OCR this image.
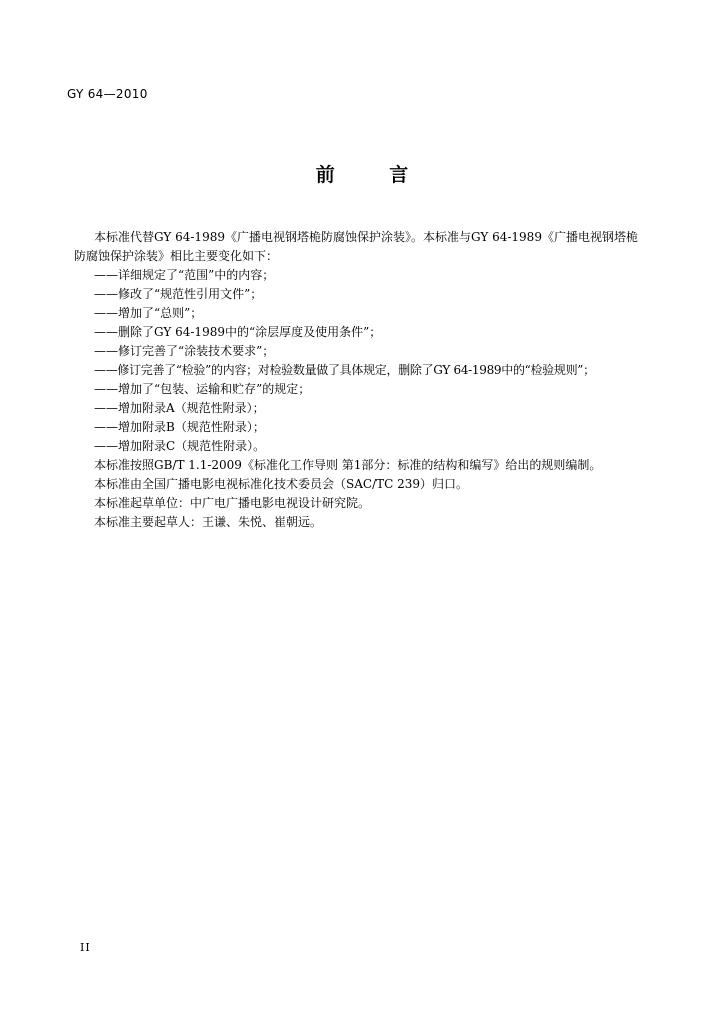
GY 64—2010
前 言

本标准代替GY 64-1989《广播电视钢塔桅防腐蚀保护涂装》。本标准与GY 64-1989《广播电视钢塔桅防腐蚀保护涂装》相比主要变化如下：

——详细规定了“范围”中的内容；

——修改了“规范性引用文件”；

——增加了“总则”；

——删除了GY 64-1989中的“涂层厚度及使用条件”；

——修订完善了“涂装技术要求”；

——修订完善了“检验”的内容；对检验数量做了具体规定，删除了GY 64-1989中的“检验规则”；

——增加了“包装、运输和贮存”的规定；

——增加附录A（规范性附录）；

——增加附录B（规范性附录）；

——增加附录C（规范性附录）。

本标准按照GB/T 1.1-2009《标准化工作导则 第1部分：标准的结构和编写》给出的规则编制。

本标准由全国广播电影电视标准化技术委员会（SAC/TC 239）归口。

本标准起草单位：中广电广播电影电视设计研究院。

本标准主要起草人：王谦、朱悦、崔朝远。

II
